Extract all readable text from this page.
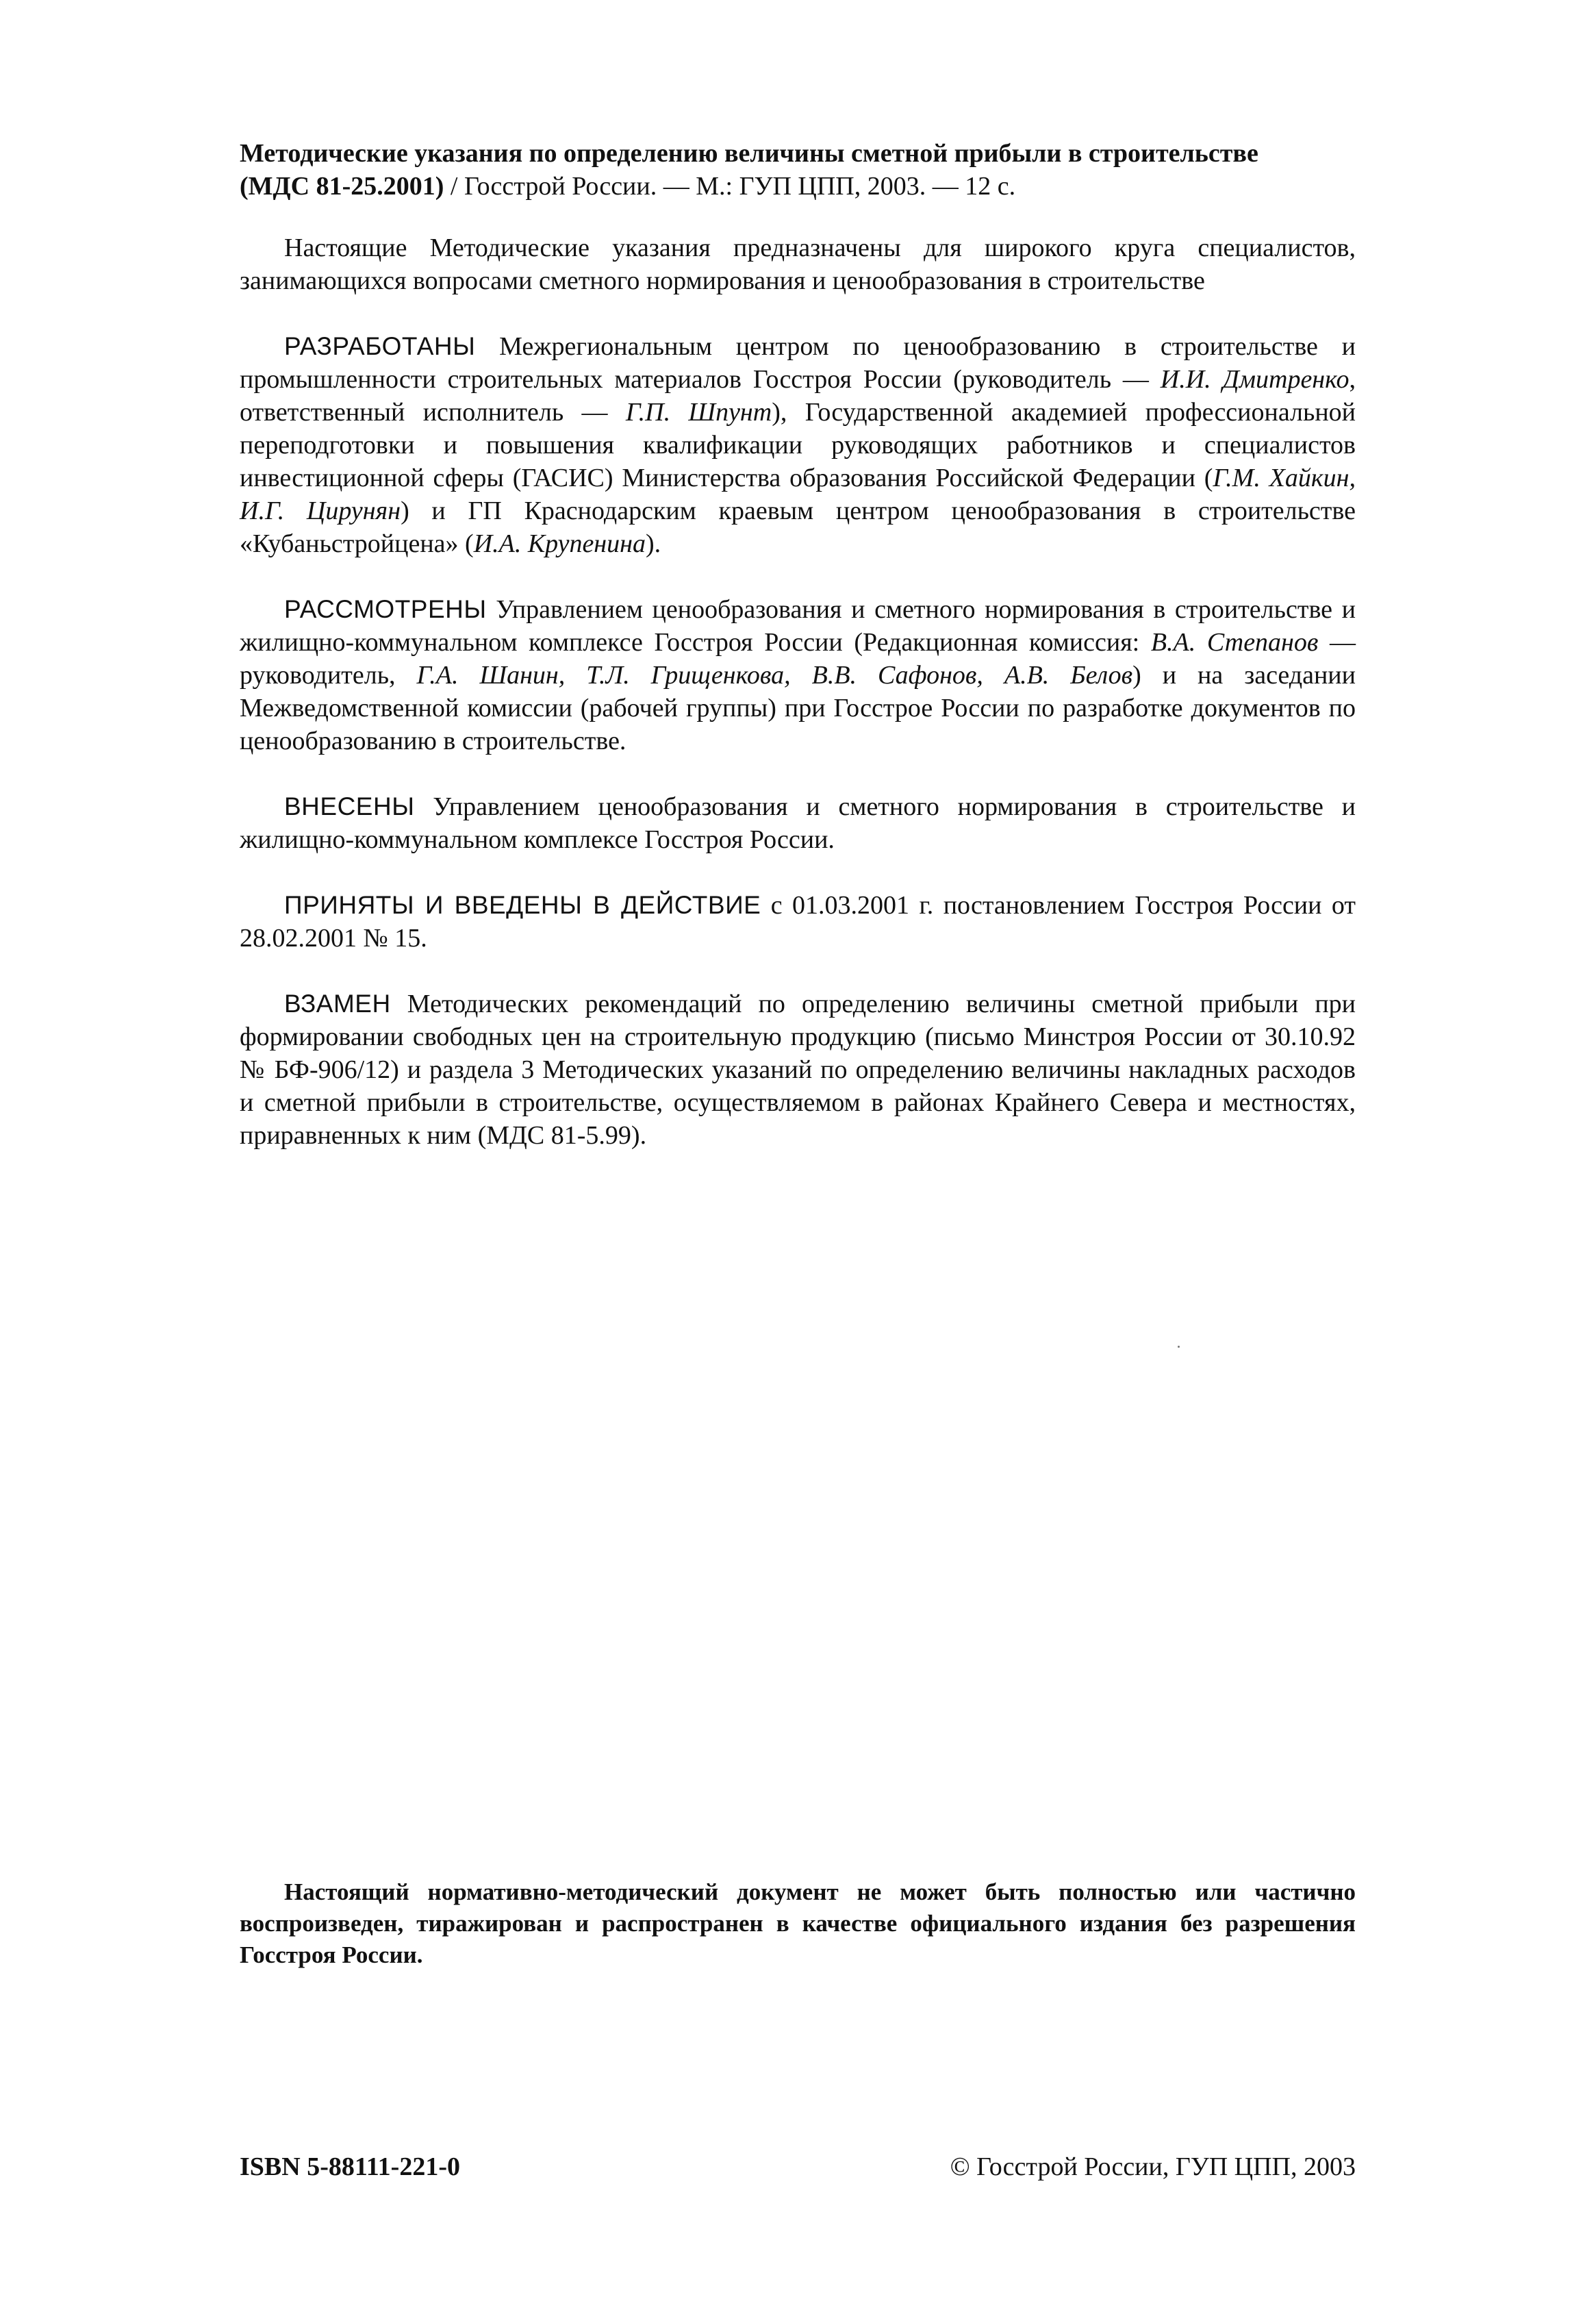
Методические указания по определению величины сметной прибыли в строительстве
(МДС 81-25.2001) / Госстрой России. — М.: ГУП ЦПП, 2003. — 12 с.

Настоящие Методические указания предназначены для широкого круга специалистов, занимающихся вопросами сметного нормирования и ценообразования в строительстве

РАЗРАБОТАНЫ Межрегиональным центром по ценообразованию в строительстве и промышленности строительных материалов Госстроя России (руководитель — И.И. Дмитренко, ответственный исполнитель — Г.П. Шпунт), Государственной академией профессиональной переподготовки и повышения квалификации руководящих работников и специалистов инвестиционной сферы (ГАСИС) Министерства образования Российской Федерации (Г.М. Хайкин, И.Г. Цирунян) и ГП Краснодарским краевым центром ценообразования в строительстве «Кубаньстройцена» (И.А. Крупенина).

РАССМОТРЕНЫ Управлением ценообразования и сметного нормирования в строительстве и жилищно-коммунальном комплексе Госстроя России (Редакционная комиссия: В.А. Степанов — руководитель, Г.А. Шанин, Т.Л. Грищенкова, В.В. Сафонов, А.В. Белов) и на заседании Межведомственной комиссии (рабочей группы) при Госстрое России по разработке документов по ценообразованию в строительстве.

ВНЕСЕНЫ Управлением ценообразования и сметного нормирования в строительстве и жилищно-коммунальном комплексе Госстроя России.

ПРИНЯТЫ И ВВЕДЕНЫ В ДЕЙСТВИЕ с 01.03.2001 г. постановлением Госстроя России от 28.02.2001 № 15.

ВЗАМЕН Методических рекомендаций по определению величины сметной прибыли при формировании свободных цен на строительную продукцию (письмо Минстроя России от 30.10.92 № БФ-906/12) и раздела 3 Методических указаний по определению величины накладных расходов и сметной прибыли в строительстве, осуществляемом в районах Крайнего Севера и местностях, приравненных к ним (МДС 81-5.99).

Настоящий нормативно-методический документ не может быть полностью или частично воспроизведен, тиражирован и распространен в качестве официального издания без разрешения Госстроя России.

ISBN 5-88111-221-0	© Госстрой России, ГУП ЦПП, 2003
